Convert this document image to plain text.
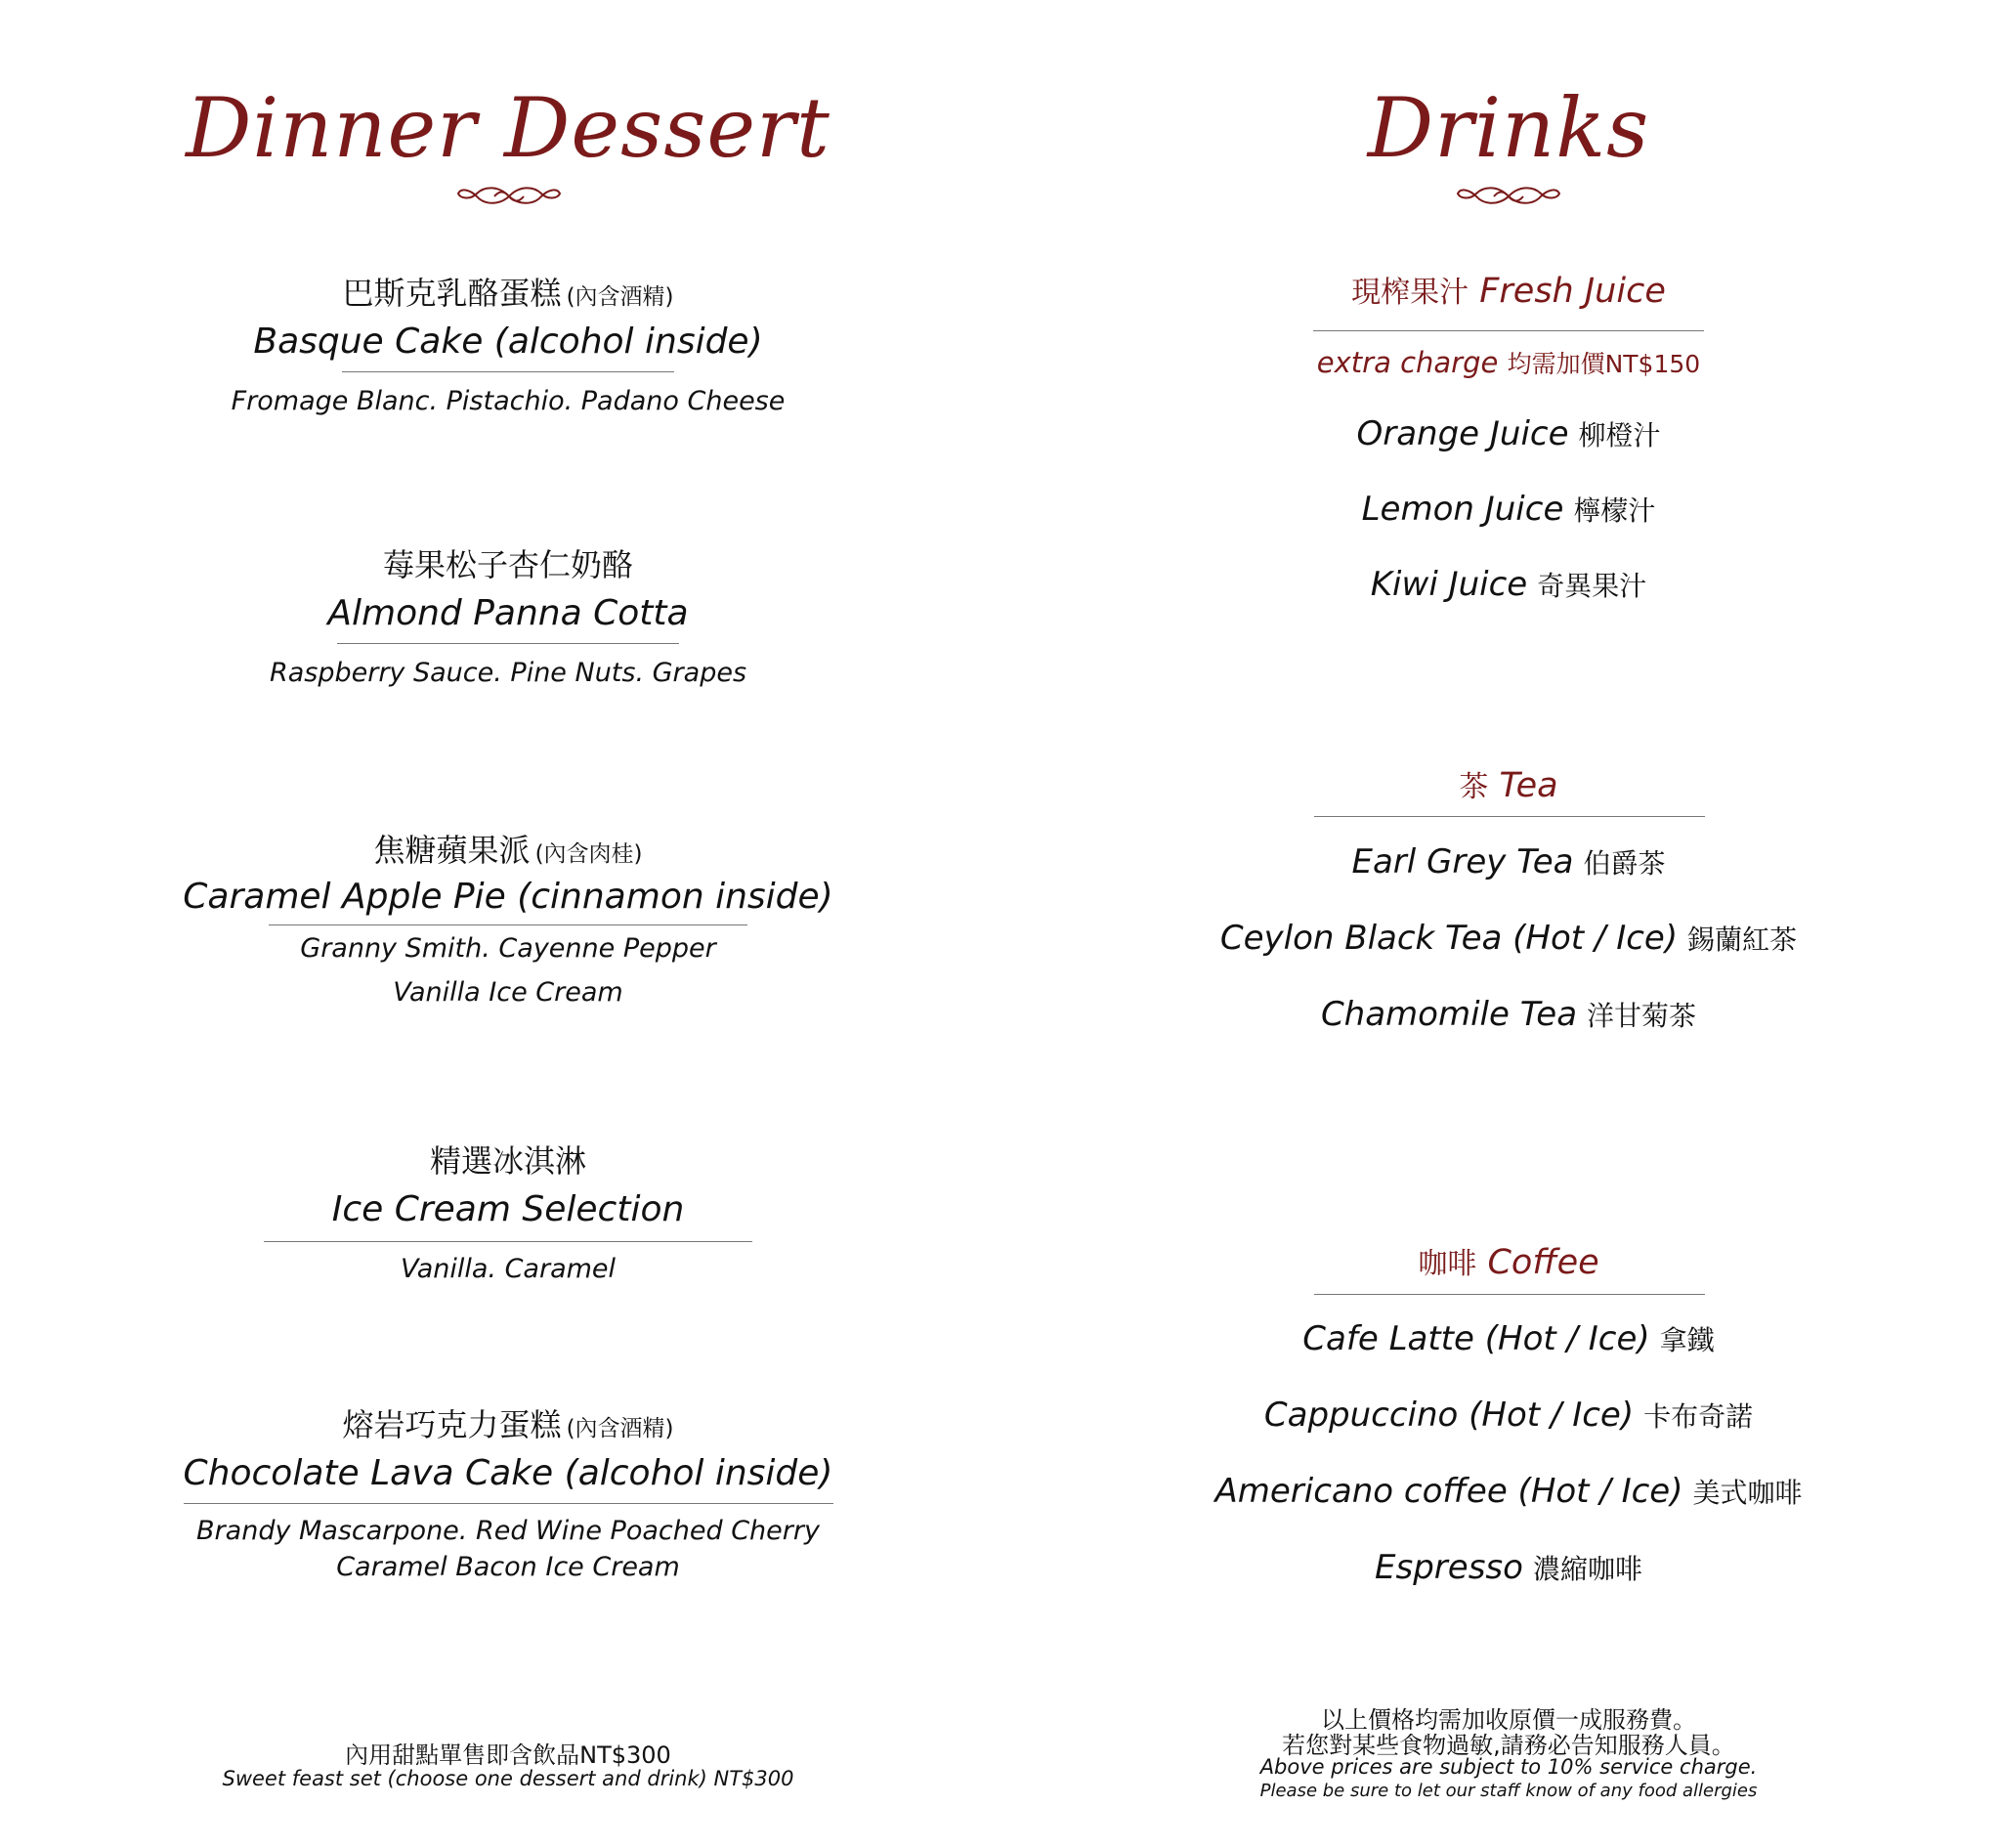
Dinner Dessert
巴斯克乳酪蛋糕 (內含酒精)
Basque Cake (alcohol inside)
Fromage Blanc. Pistachio. Padano Cheese
莓果松子杏仁奶酪
Almond Panna Cotta
Raspberry Sauce. Pine Nuts. Grapes
焦糖蘋果派 (內含肉桂)
Caramel Apple Pie (cinnamon inside)
Granny Smith. Cayenne Pepper
Vanilla Ice Cream
精選冰淇淋
Ice Cream Selection
Vanilla. Caramel
熔岩巧克力蛋糕 (內含酒精)
Chocolate Lava Cake (alcohol inside)
Brandy Mascarpone. Red Wine Poached Cherry
Caramel Bacon Ice Cream
內用甜點單售即含飲品NT$300
Sweet feast set (choose one dessert and drink) NT$300
Drinks
現榨果汁 Fresh Juice
extra charge 均需加價NT$150
Orange Juice 柳橙汁
Lemon Juice 檸檬汁
Kiwi Juice 奇異果汁
茶 Tea
Earl Grey Tea 伯爵茶
Ceylon Black Tea (Hot / Ice) 錫蘭紅茶
Chamomile Tea 洋甘菊茶
咖啡 Coffee
Cafe Latte (Hot / Ice) 拿鐵
Cappuccino (Hot / Ice) 卡布奇諾
Americano coffee (Hot / Ice) 美式咖啡
Espresso 濃縮咖啡
以上價格均需加收原價一成服務費。
若您對某些食物過敏,請務必告知服務人員。
Above prices are subject to 10% service charge.
Please be sure to let our staff know of any food allergies
